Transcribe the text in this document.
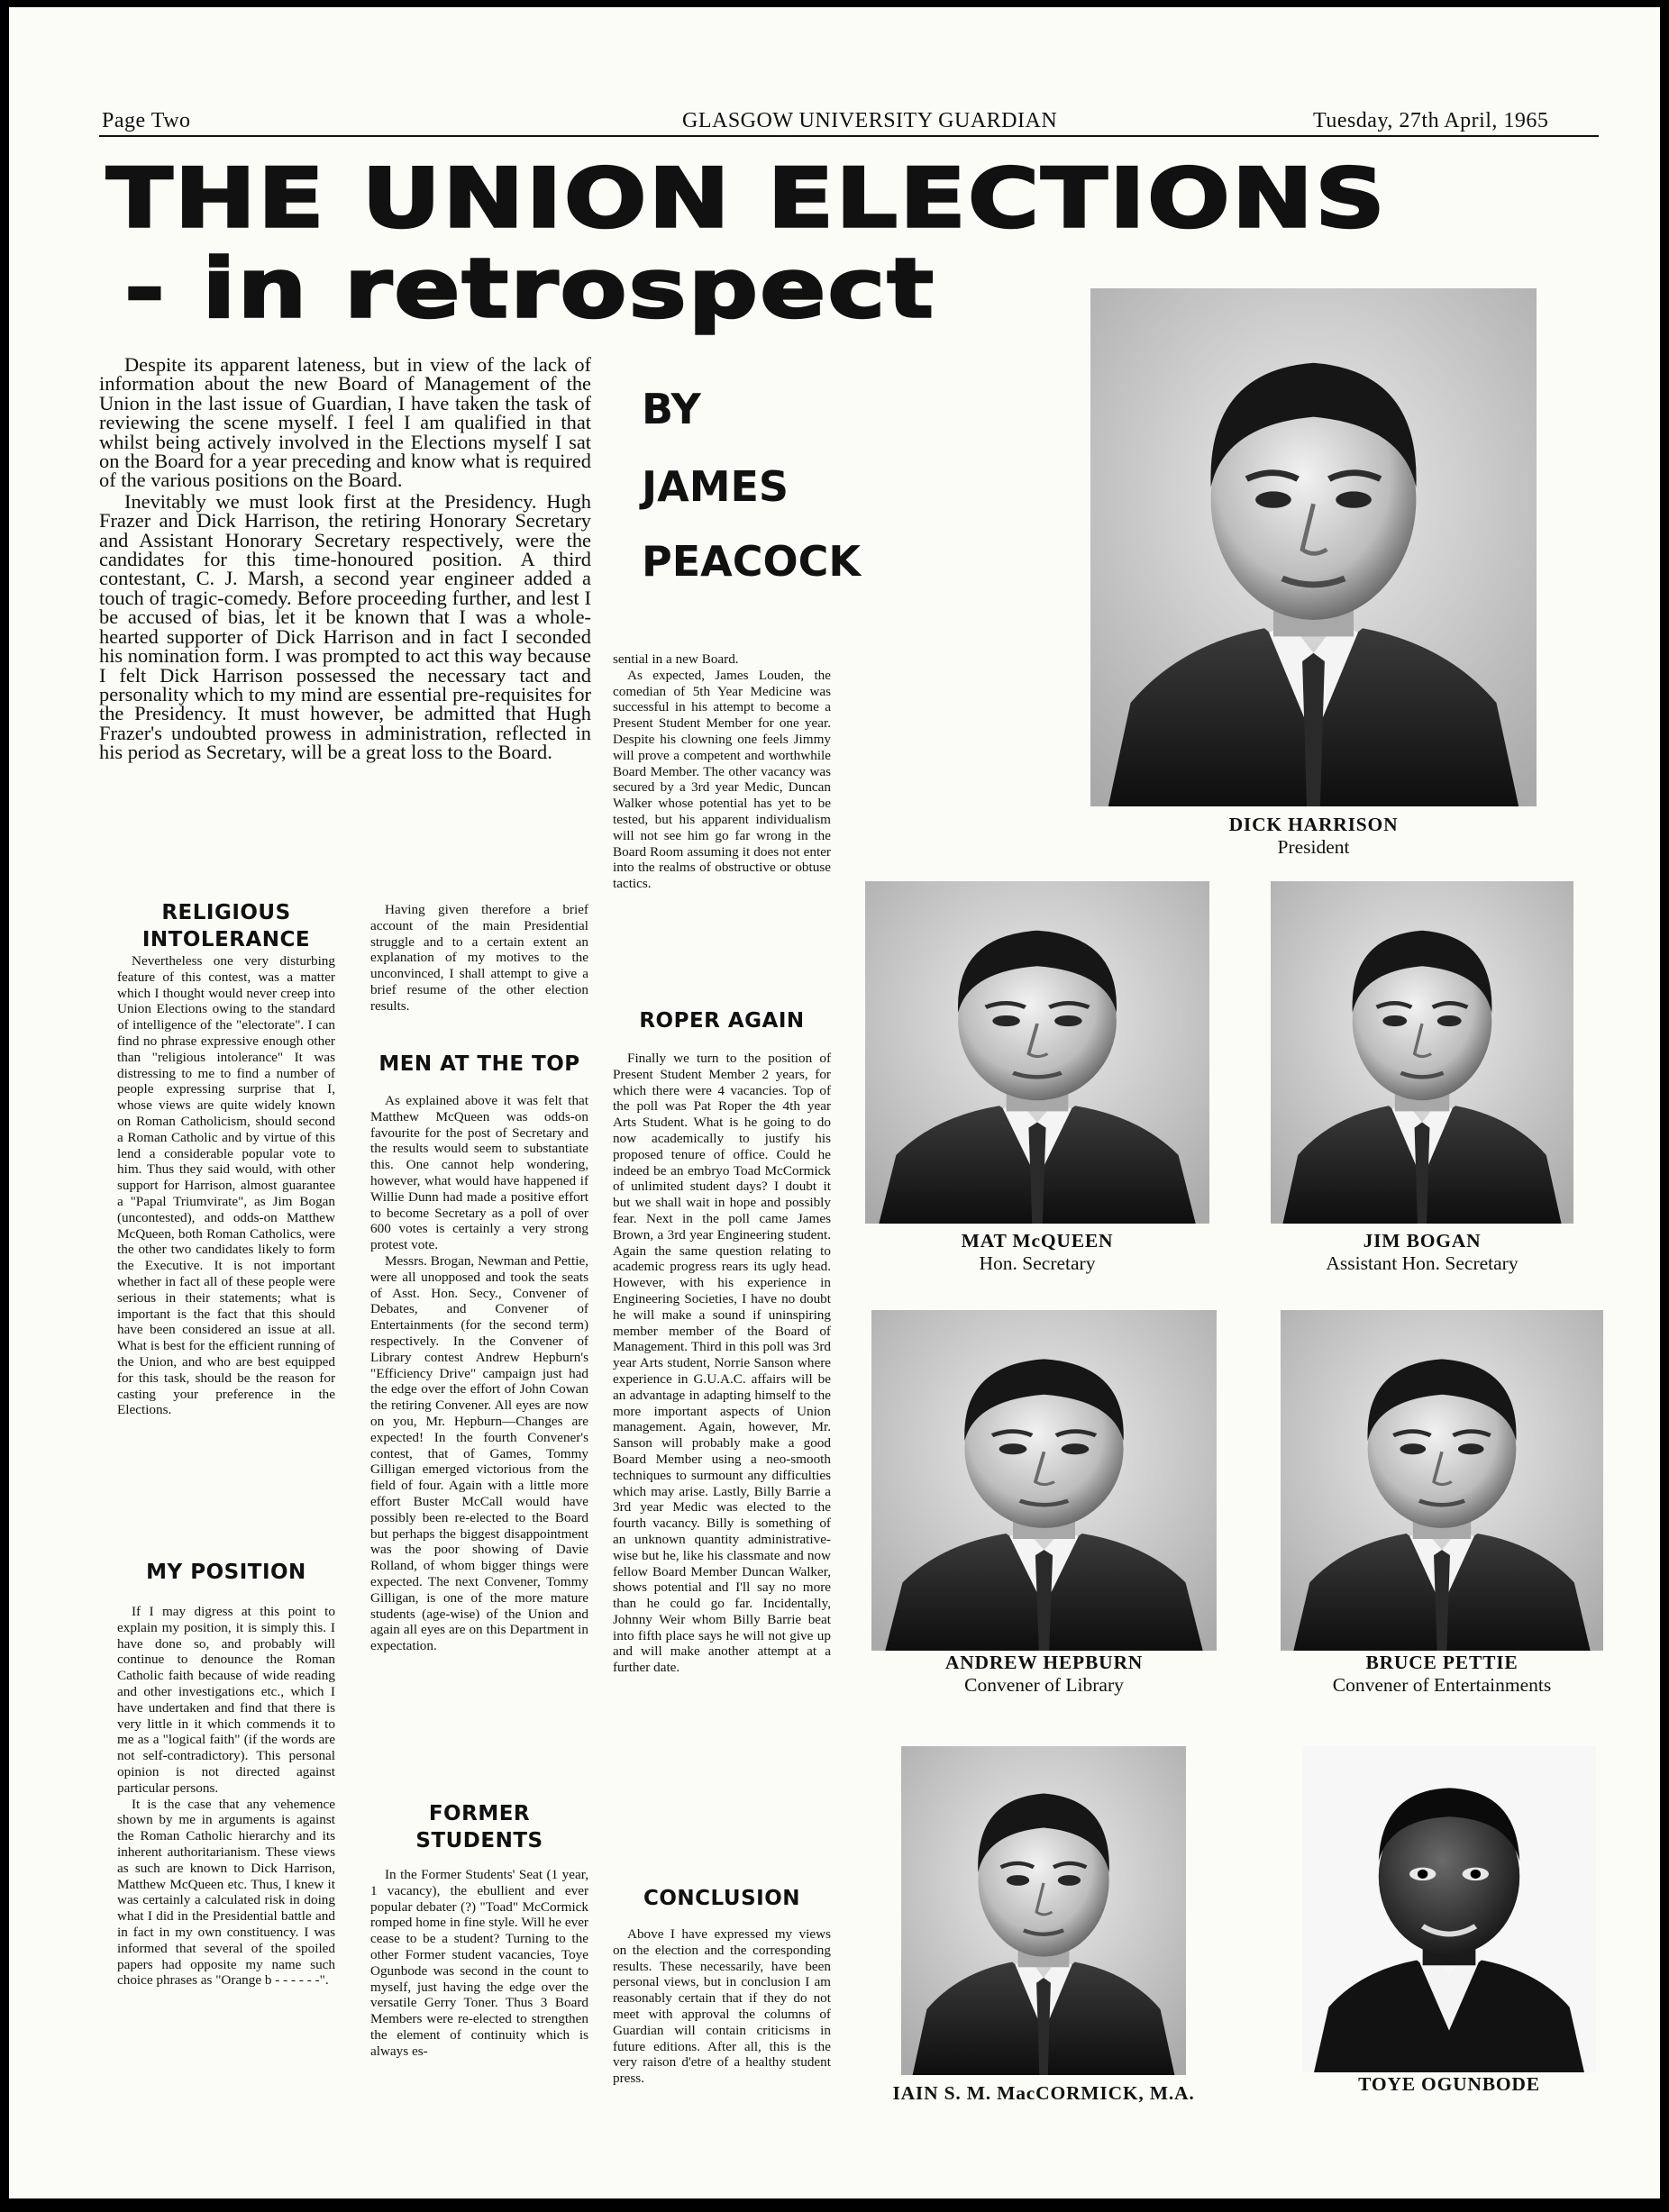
Page Two	GLASGOW UNIVERSITY GUARDIAN	Tuesday, 27th April, 1965
THE UNION ELECTIONS
- in retrospect
BY
JAMES
PEACOCK

Despite its apparent lateness, but in view of the lack of information about the new Board of Management of the Union in the last issue of Guardian, I have taken the task of reviewing the scene myself. I feel I am qualified in that whilst being actively involved in the Elections myself I sat on the Board for a year preceding and know what is required of the various positions on the Board.

Inevitably we must look first at the Presidency. Hugh Frazer and Dick Harrison, the retiring Honorary Secretary and Assistant Honorary Secretary respectively, were the candidates for this time-honoured position. A third contestant, C. J. Marsh, a second year engineer added a touch of tragic-comedy. Before proceeding further, and lest I be accused of bias, let it be known that I was a whole-hearted supporter of Dick Harrison and in fact I seconded his nomination form. I was prompted to act this way because I felt Dick Harrison possessed the necessary tact and personality which to my mind are essential pre-requisites for the Presidency. It must however, be admitted that Hugh Frazer's undoubted prowess in administration, reflected in his period as Secretary, will be a great loss to the Board.

RELIGIOUS
INTOLERANCE

Nevertheless one very disturbing feature of this contest, was a matter which I thought would never creep into Union Elections owing to the standard of intelligence of the "electorate". I can find no phrase expressive enough other than "religious intolerance" It was distressing to me to find a number of people expressing surprise that I, whose views are quite widely known on Roman Catholicism, should second a Roman Catholic and by virtue of this lend a considerable popular vote to him. Thus they said would, with other support for Harrison, almost guarantee a "Papal Triumvirate", as Jim Bogan (uncontested), and odds-on Matthew McQueen, both Roman Catholics, were the other two candidates likely to form the Executive. It is not important whether in fact all of these people were serious in their statements; what is important is the fact that this should have been considered an issue at all. What is best for the efficient running of the Union, and who are best equipped for this task, should be the reason for casting your preference in the Elections.

MY POSITION

If I may digress at this point to explain my position, it is simply this. I have done so, and probably will continue to denounce the Roman Catholic faith because of wide reading and other investigations etc., which I have undertaken and find that there is very little in it which commends it to me as a "logical faith" (if the words are not self-contradictory). This personal opinion is not directed against particular persons.

It is the case that any vehemence shown by me in arguments is against the Roman Catholic hierarchy and its inherent authoritarianism. These views as such are known to Dick Harrison, Matthew McQueen etc. Thus, I knew it was certainly a calculated risk in doing what I did in the Presidential battle and in fact in my own constituency. I was informed that several of the spoiled papers had opposite my name such choice phrases as "Orange b - - - - - -".

Having given therefore a brief account of the main Presidential struggle and to a certain extent an explanation of my motives to the unconvinced, I shall attempt to give a brief resume of the other election results.

MEN AT THE TOP

As explained above it was felt that Matthew McQueen was odds-on favourite for the post of Secretary and the results would seem to substantiate this. One cannot help wondering, however, what would have happened if Willie Dunn had made a positive effort to become Secretary as a poll of over 600 votes is certainly a very strong protest vote.

Messrs. Brogan, Newman and Pettie, were all unopposed and took the seats of Asst. Hon. Secy., Convener of Debates, and Convener of Entertainments (for the second term) respectively. In the Convener of Library contest Andrew Hepburn's "Efficiency Drive" campaign just had the edge over the effort of John Cowan the retiring Convener. All eyes are now on you, Mr. Hepburn—Changes are expected! In the fourth Convener's contest, that of Games, Tommy Gilligan emerged victorious from the field of four. Again with a little more effort Buster McCall would have possibly been re-elected to the Board but perhaps the biggest disappointment was the poor showing of Davie Rolland, of whom bigger things were expected. The next Convener, Tommy Gilligan, is one of the more mature students (age-wise) of the Union and again all eyes are on this Department in expectation.

FORMER
STUDENTS

In the Former Students' Seat (1 year, 1 vacancy), the ebullient and ever popular debater (?) "Toad" McCormick romped home in fine style. Will he ever cease to be a student? Turning to the other Former student vacancies, Toye Ogunbode was second in the count to myself, just having the edge over the versatile Gerry Toner. Thus 3 Board Members were re-elected to strengthen the element of continuity which is always es-

sential in a new Board.

As expected, James Louden, the comedian of 5th Year Medicine was successful in his attempt to become a Present Student Member for one year. Despite his clowning one feels Jimmy will prove a competent and worthwhile Board Member. The other vacancy was secured by a 3rd year Medic, Duncan Walker whose potential has yet to be tested, but his apparent individualism will not see him go far wrong in the Board Room assuming it does not enter into the realms of obstructive or obtuse tactics.

ROPER AGAIN

Finally we turn to the position of Present Student Member 2 years, for which there were 4 vacancies. Top of the poll was Pat Roper the 4th year Arts Student. What is he going to do now academically to justify his proposed tenure of office. Could he indeed be an embryo Toad McCormick of unlimited student days? I doubt it but we shall wait in hope and possibly fear. Next in the poll came James Brown, a 3rd year Engineering student. Again the same question relating to academic progress rears its ugly head. However, with his experience in Engineering Societies, I have no doubt he will make a sound if uninspiring member member of the Board of Management. Third in this poll was 3rd year Arts student, Norrie Sanson where experience in G.U.A.C. affairs will be an advantage in adapting himself to the more important aspects of Union management. Again, however, Mr. Sanson will probably make a good Board Member using a neo-smooth techniques to surmount any difficulties which may arise. Lastly, Billy Barrie a 3rd year Medic was elected to the fourth vacancy. Billy is something of an unknown quantity administrative-wise but he, like his classmate and now fellow Board Member Duncan Walker, shows potential and I'll say no more than he could go far. Incidentally, Johnny Weir whom Billy Barrie beat into fifth place says he will not give up and will make another attempt at a further date.

CONCLUSION

Above I have expressed my views on the election and the corresponding results. These necessarily, have been personal views, but in conclusion I am reasonably certain that if they do not meet with approval the columns of Guardian will contain criticisms in future editions. After all, this is the very raison d'etre of a healthy student press.

DICK HARRISON
President
MAT McQUEEN
Hon. Secretary
JIM BOGAN
Assistant Hon. Secretary
ANDREW HEPBURN
Convener of Library
BRUCE PETTIE
Convener of Entertainments
IAIN S. M. MacCORMICK, M.A.	TOYE OGUNBODE
